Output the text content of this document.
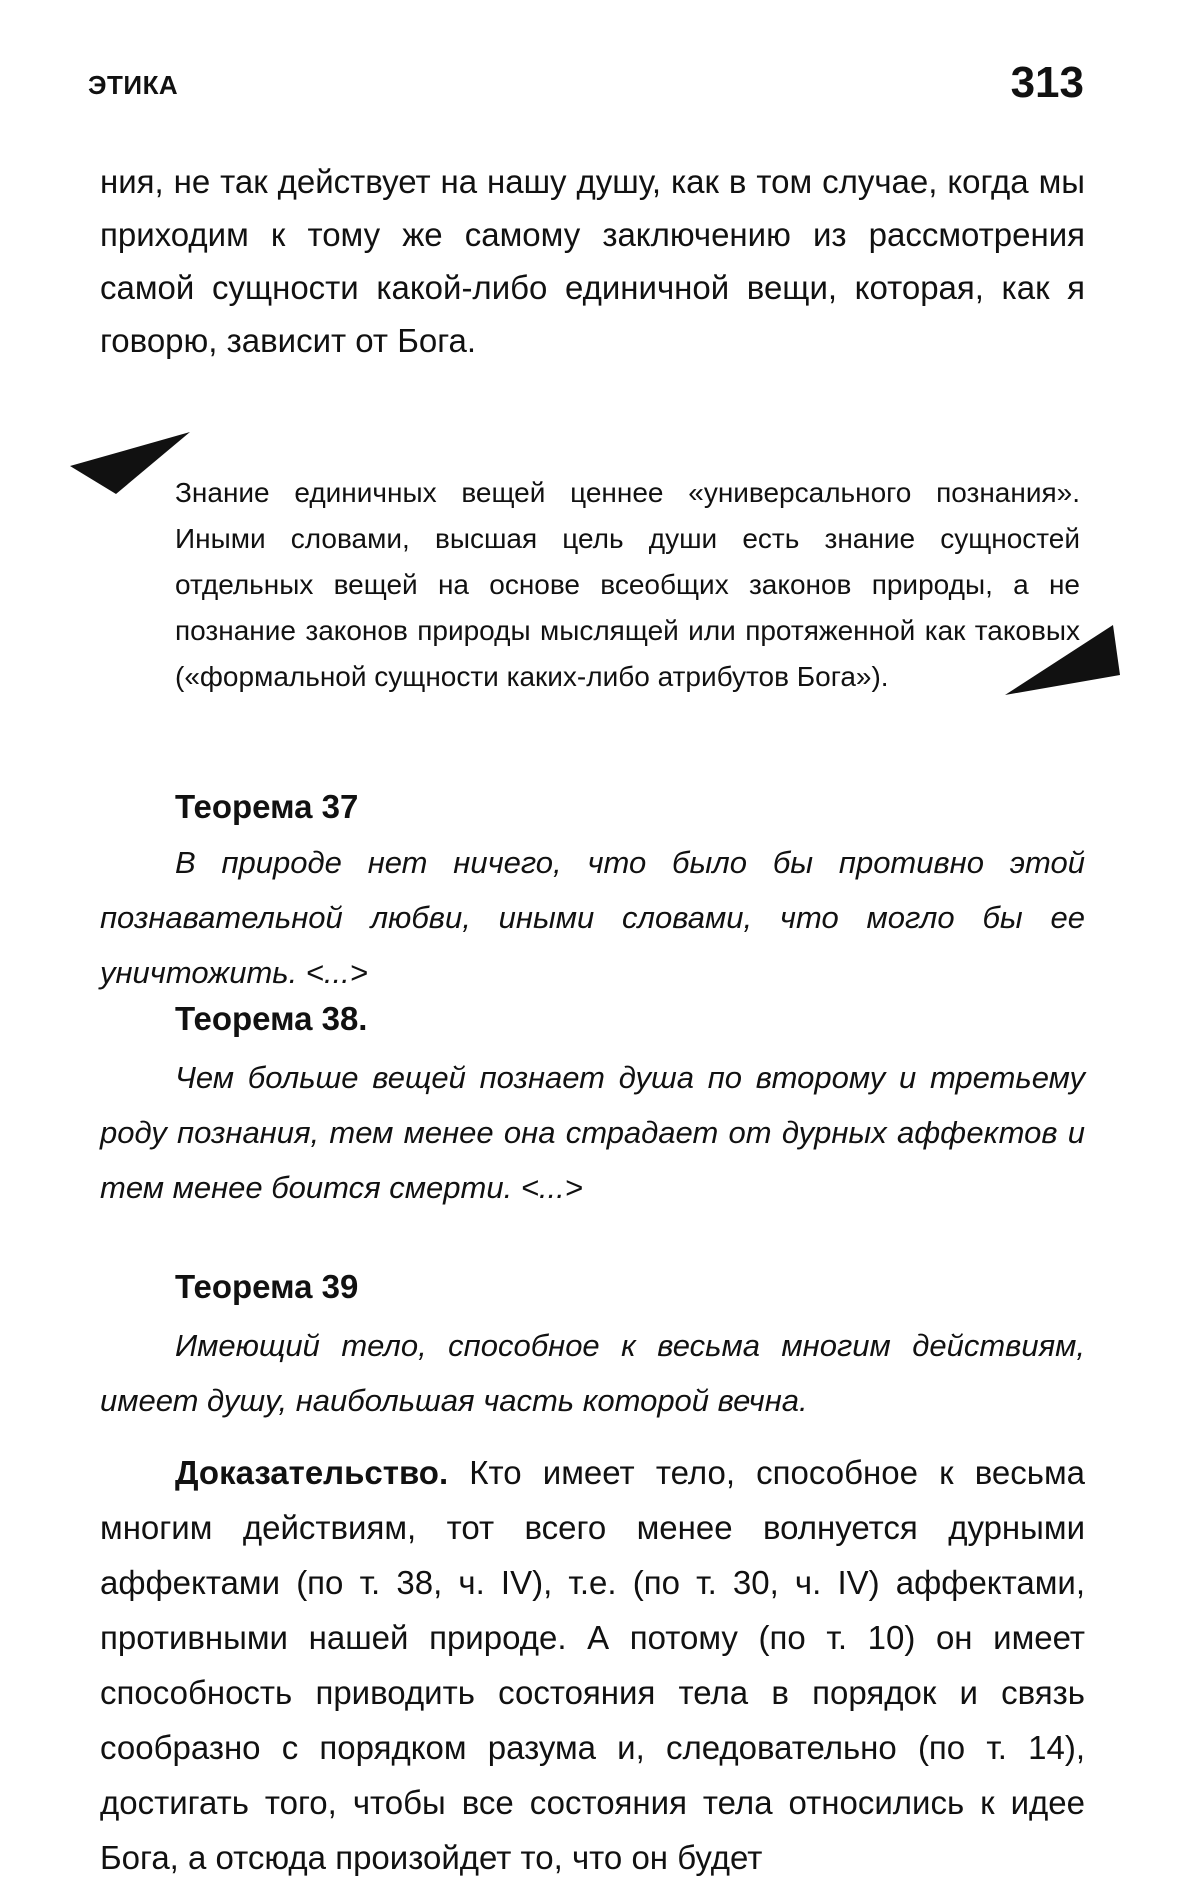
ЭТИКА	313

ния, не так действует на нашу душу, как в том случае, когда мы приходим к тому же самому заключению из рассмотрения самой сущности какой-либо единичной вещи, которая, как я говорю, зависит от Бога.

Знание единичных вещей ценнее «универсального познания». Иными словами, высшая цель души есть знание сущностей отдельных вещей на основе всеобщих законов природы, а не познание законов природы мыслящей или протяженной как таковых («формальной сущности каких-либо атрибутов Бога»).

Теорема 37

В природе нет ничего, что было бы противно этой познавательной любви, иными словами, что могло бы ее уничтожить. <...>

Теорема 38.

Чем больше вещей познает душа по второму и третьему роду познания, тем менее она страдает от дурных аффектов и тем менее боится смерти. <...>

Теорема 39

Имеющий тело, способное к весьма многим действиям, имеет душу, наибольшая часть которой вечна.

Доказательство. Кто имеет тело, способное к весьма многим действиям, тот всего менее волнуется дурными аффектами (по т. 38, ч. IV), т.е. (по т. 30, ч. IV) аффектами, противными нашей природе. А потому (по т. 10) он имеет способность приводить состояния тела в порядок и связь сообразно с порядком разума и, следовательно (по т. 14), достигать того, чтобы все состояния тела относились к идее Бога, а отсюда произойдет то, что он будет
